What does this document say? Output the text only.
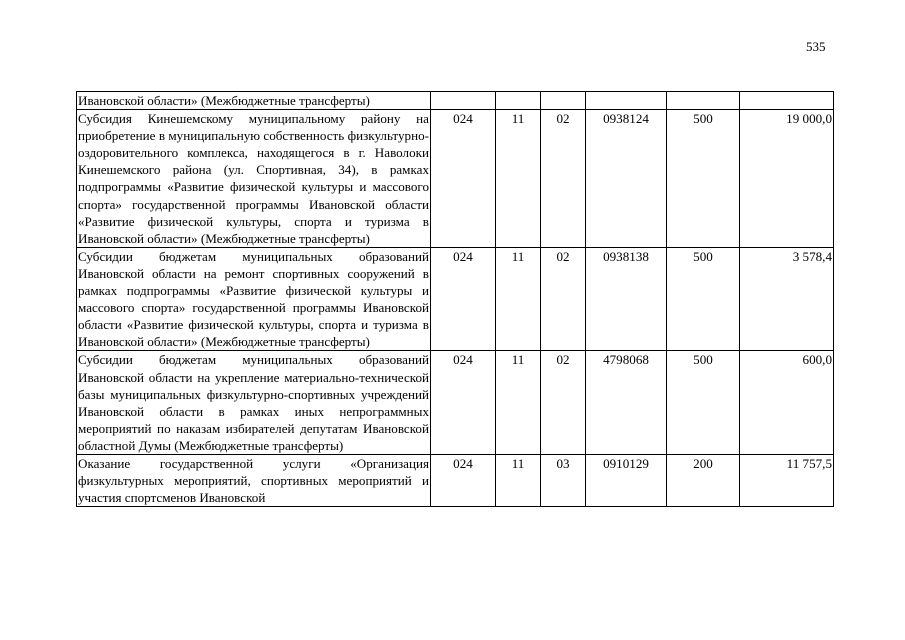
535
Ивановской области» (Межбюджетные трансферты)						
Субсидия Кинешемскому муниципальному району на приобретение в муниципальную собственность физкультурно-оздоровительного комплекса, находящегося в г. Наволоки Кинешемского района (ул. Спортивная, 34), в рамках подпрограммы «Развитие физической культуры и массового спорта» государственной программы Ивановской области «Развитие физической культуры, спорта и туризма в Ивановской области» (Межбюджетные трансферты)	024	11	02	0938124	500	19 000,0
Субсидии бюджетам муниципальных образований Ивановской области на ремонт спортивных сооружений в рамках подпрограммы «Развитие физической культуры и массового спорта» государственной программы Ивановской области «Развитие физической культуры, спорта и туризма в Ивановской области» (Межбюджетные трансферты)	024	11	02	0938138	500	3 578,4
Субсидии бюджетам муниципальных образований Ивановской области на укрепление материально-технической базы муниципальных физкультурно-спортивных учреждений Ивановской области в рамках иных непрограммных мероприятий по наказам избирателей депутатам Ивановской областной Думы (Межбюджетные трансферты)	024	11	02	4798068	500	600,0
Оказание государственной услуги «Организация физкультурных мероприятий, спортивных мероприятий и участия спортсменов Ивановской	024	11	03	0910129	200	11 757,5
